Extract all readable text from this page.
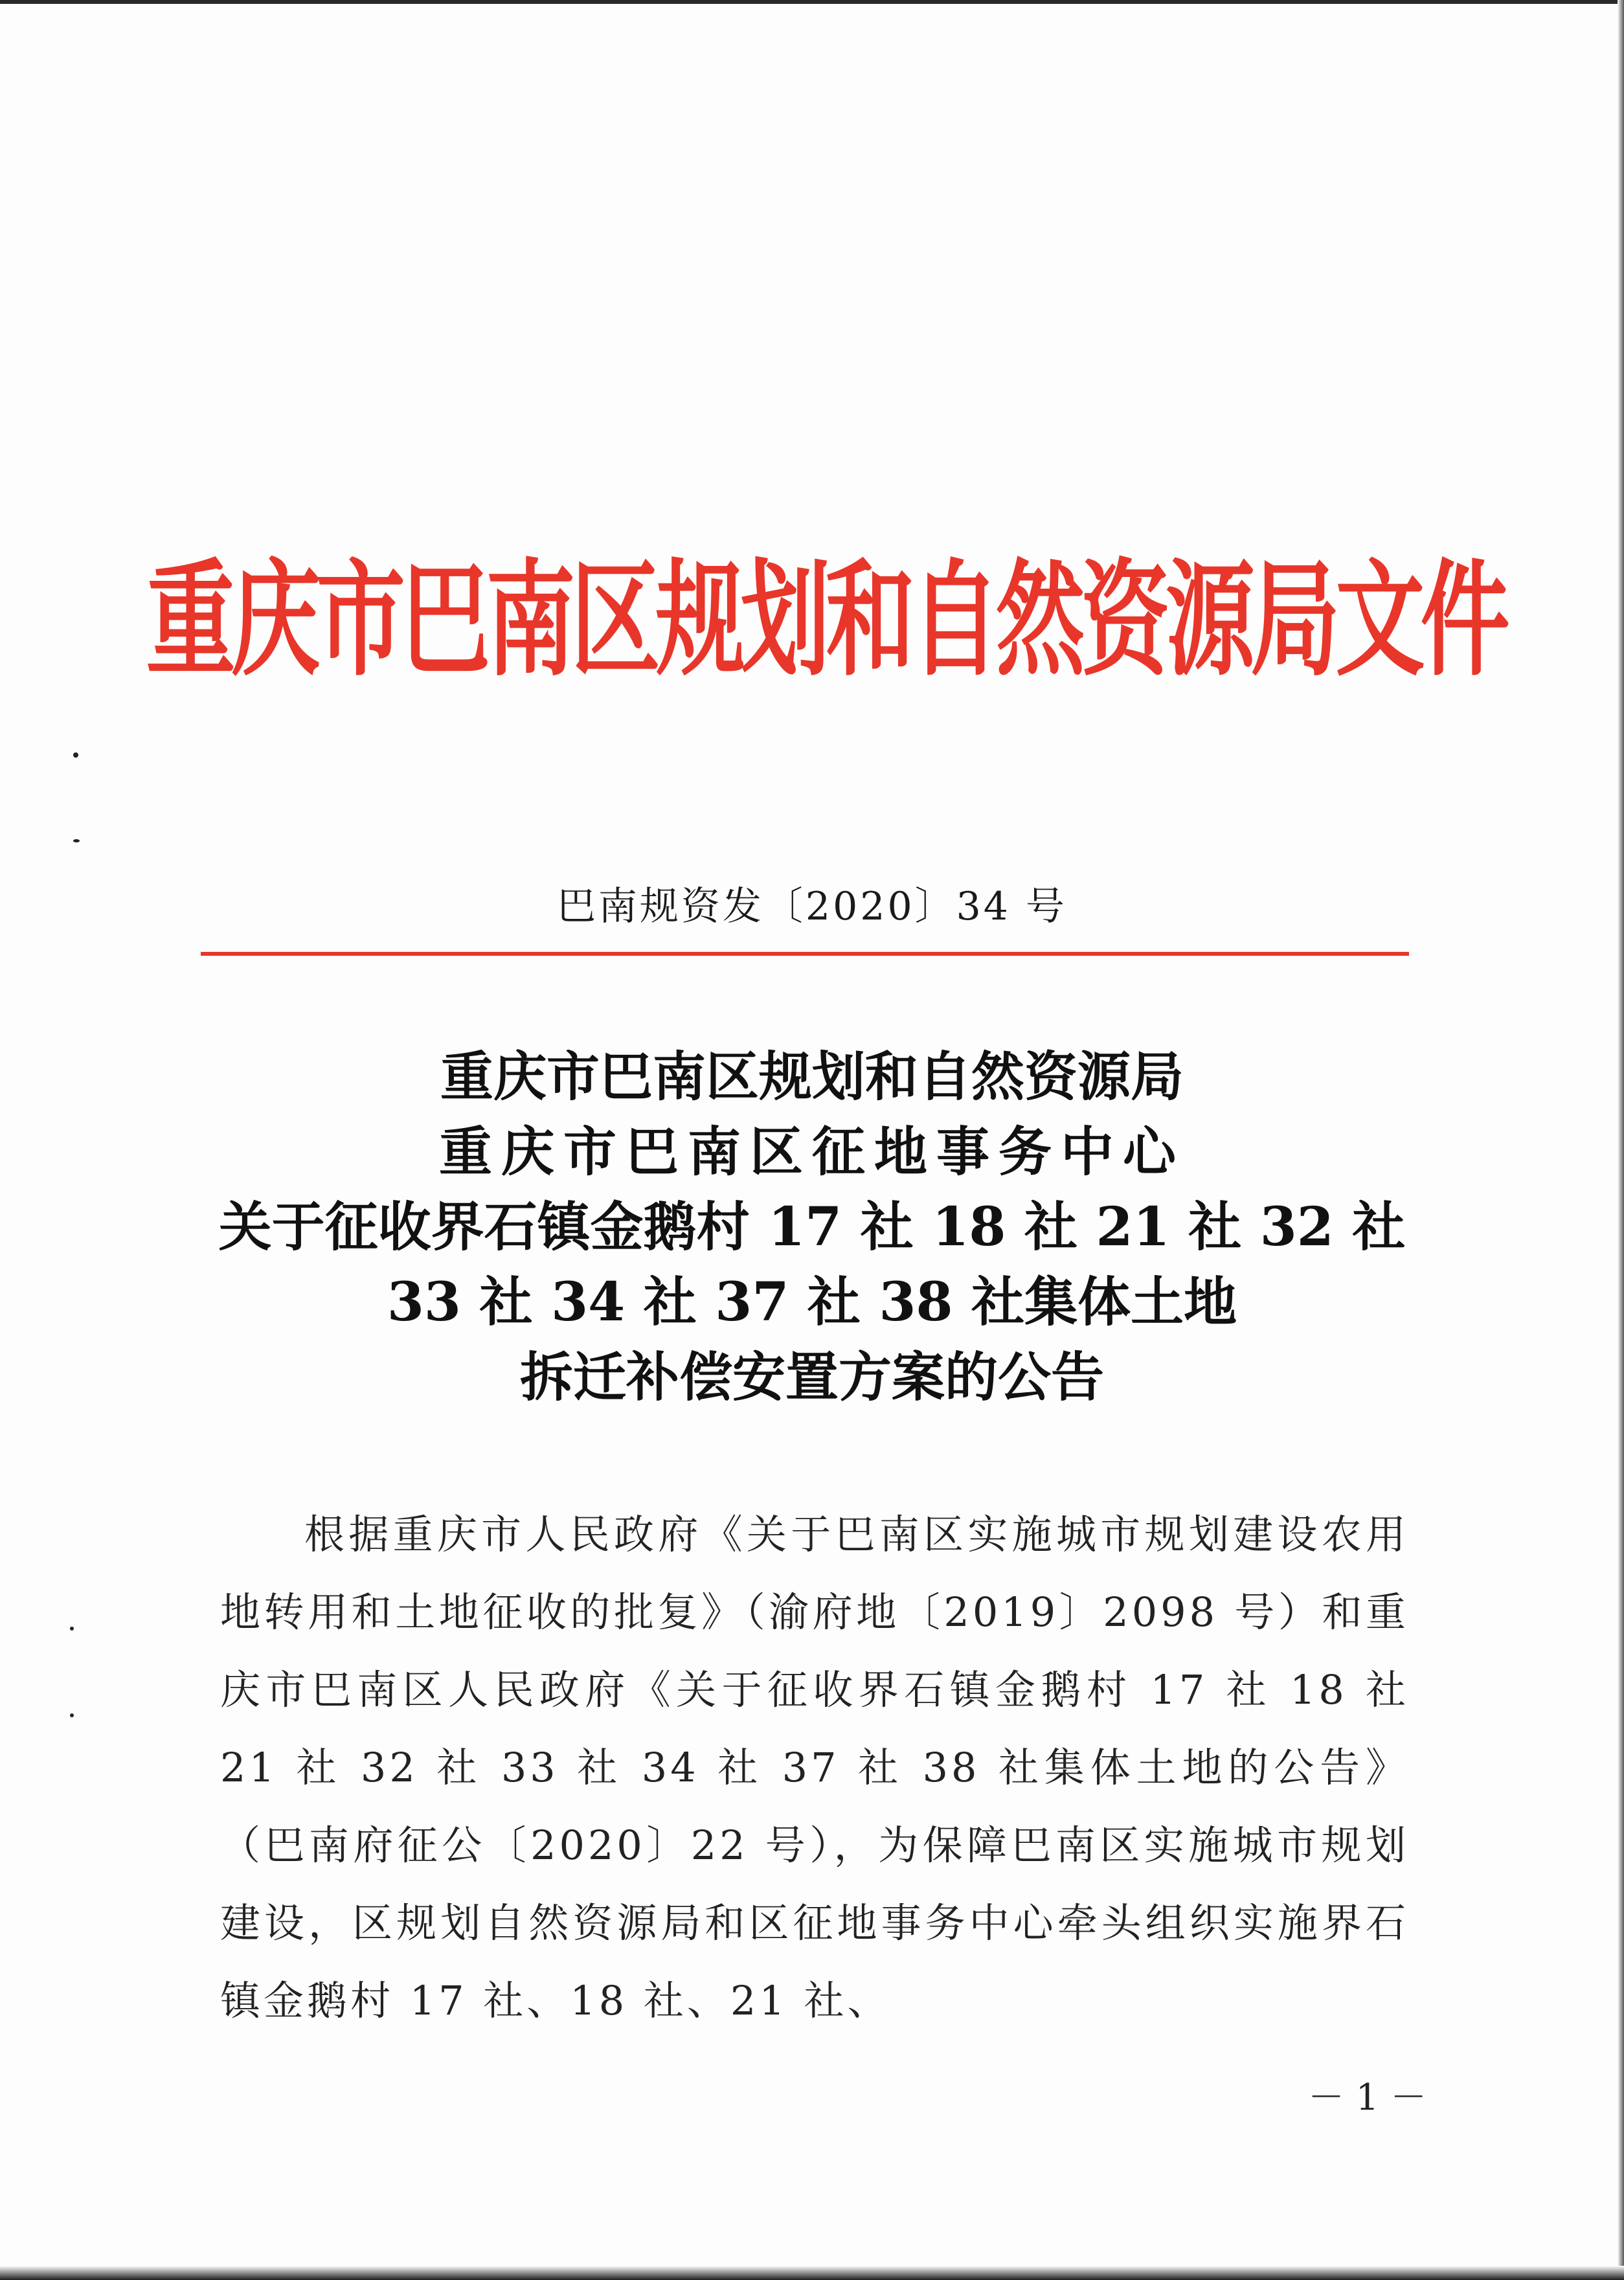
重庆市巴南区规划和自然资源局文件
巴南规资发〔2020〕34 号
重庆市巴南区规划和自然资源局
重庆市巴南区征地事务中心
关于征收界石镇金鹅村 17 社 18 社 21 社 32 社
33 社 34 社 37 社 38 社集体土地
拆迁补偿安置方案的公告
根据重庆市人民政府《关于巴南区实施城市规划建设农用地转用和土地征收的批复》（渝府地〔2019〕2098 号）和重庆市巴南区人民政府《关于征收界石镇金鹅村 17 社 18 社 21 社 32 社 33 社 34 社 37 社 38 社集体土地的公告》（巴南府征公〔2020〕22 号），为保障巴南区实施城市规划建设，区规划自然资源局和区征地事务中心牵头组织实施界石镇金鹅村 17 社、18 社、21 社、
－ 1 －
